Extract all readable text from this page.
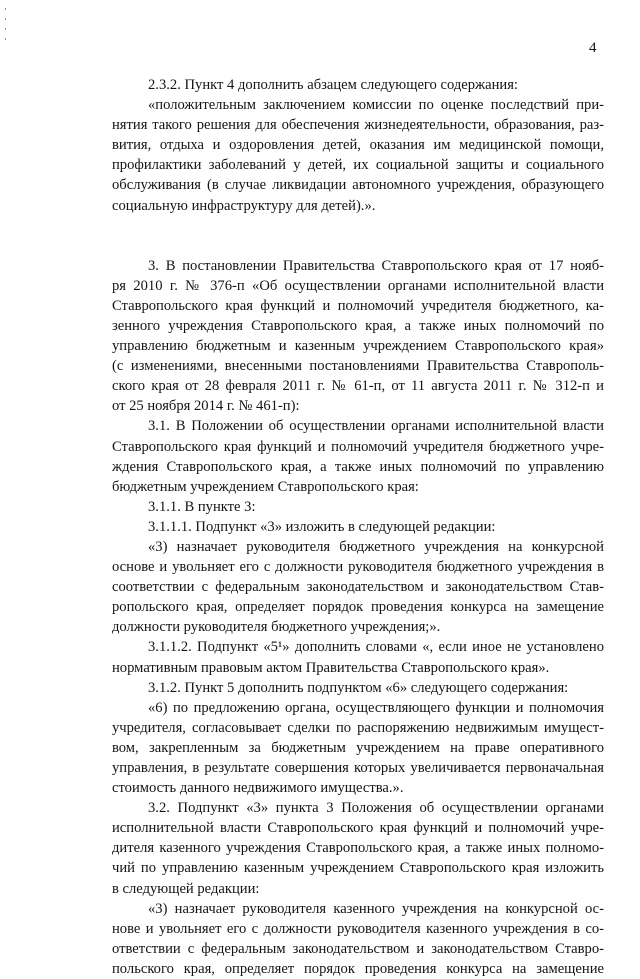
4
2.3.2. Пункт 4 дополнить абзацем следующего содержания:
«положительным заключением комиссии по оценке последствий при-
нятия такого решения для обеспечения жизнедеятельности, образования, раз-
вития, отдыха и оздоровления детей, оказания им медицинской помощи,
профилактики заболеваний у детей, их социальной защиты и социального
обслуживания (в случае ликвидации автономного учреждения, образующего
социальную инфраструктуру для детей).».
3. В постановлении Правительства Ставропольского края от 17 нояб-
ря 2010 г. № 376-п «Об осуществлении органами исполнительной власти
Ставропольского края функций и полномочий учредителя бюджетного, ка-
зенного учреждения Ставропольского края, а также иных полномочий по
управлению бюджетным и казенным учреждением Ставропольского края»
(с изменениями, внесенными постановлениями Правительства Ставрополь-
ского края от 28 февраля 2011 г. № 61-п, от 11 августа 2011 г. № 312-п и
от 25 ноября 2014 г. № 461-п):
3.1. В Положении об осуществлении органами исполнительной власти
Ставропольского края функций и полномочий учредителя бюджетного учре-
ждения Ставропольского края, а также иных полномочий по управлению
бюджетным учреждением Ставропольского края:
3.1.1. В пункте 3:
3.1.1.1. Подпункт «3» изложить в следующей редакции:
«3) назначает руководителя бюджетного учреждения на конкурсной
основе и увольняет его с должности руководителя бюджетного учреждения в
соответствии с федеральным законодательством и законодательством Став-
ропольского края, определяет порядок проведения конкурса на замещение
должности руководителя бюджетного учреждения;».
3.1.1.2. Подпункт «5¹» дополнить словами «, если иное не установлено
нормативным правовым актом Правительства Ставропольского края».
3.1.2. Пункт 5 дополнить подпунктом «6» следующего содержания:
«6) по предложению органа, осуществляющего функции и полномочия
учредителя, согласовывает сделки по распоряжению недвижимым имущест-
вом, закрепленным за бюджетным учреждением на праве оперативного
управления, в результате совершения которых увеличивается первоначальная
стоимость данного недвижимого имущества.».
3.2. Подпункт «3» пункта 3 Положения об осуществлении органами
исполнительной власти Ставропольского края функций и полномочий учре-
дителя казенного учреждения Ставропольского края, а также иных полномо-
чий по управлению казенным учреждением Ставропольского края изложить
в следующей редакции:
«3) назначает руководителя казенного учреждения на конкурсной ос-
нове и увольняет его с должности руководителя казенного учреждения в со-
ответствии с федеральным законодательством и законодательством Ставро-
польского края, определяет порядок проведения конкурса на замещение
